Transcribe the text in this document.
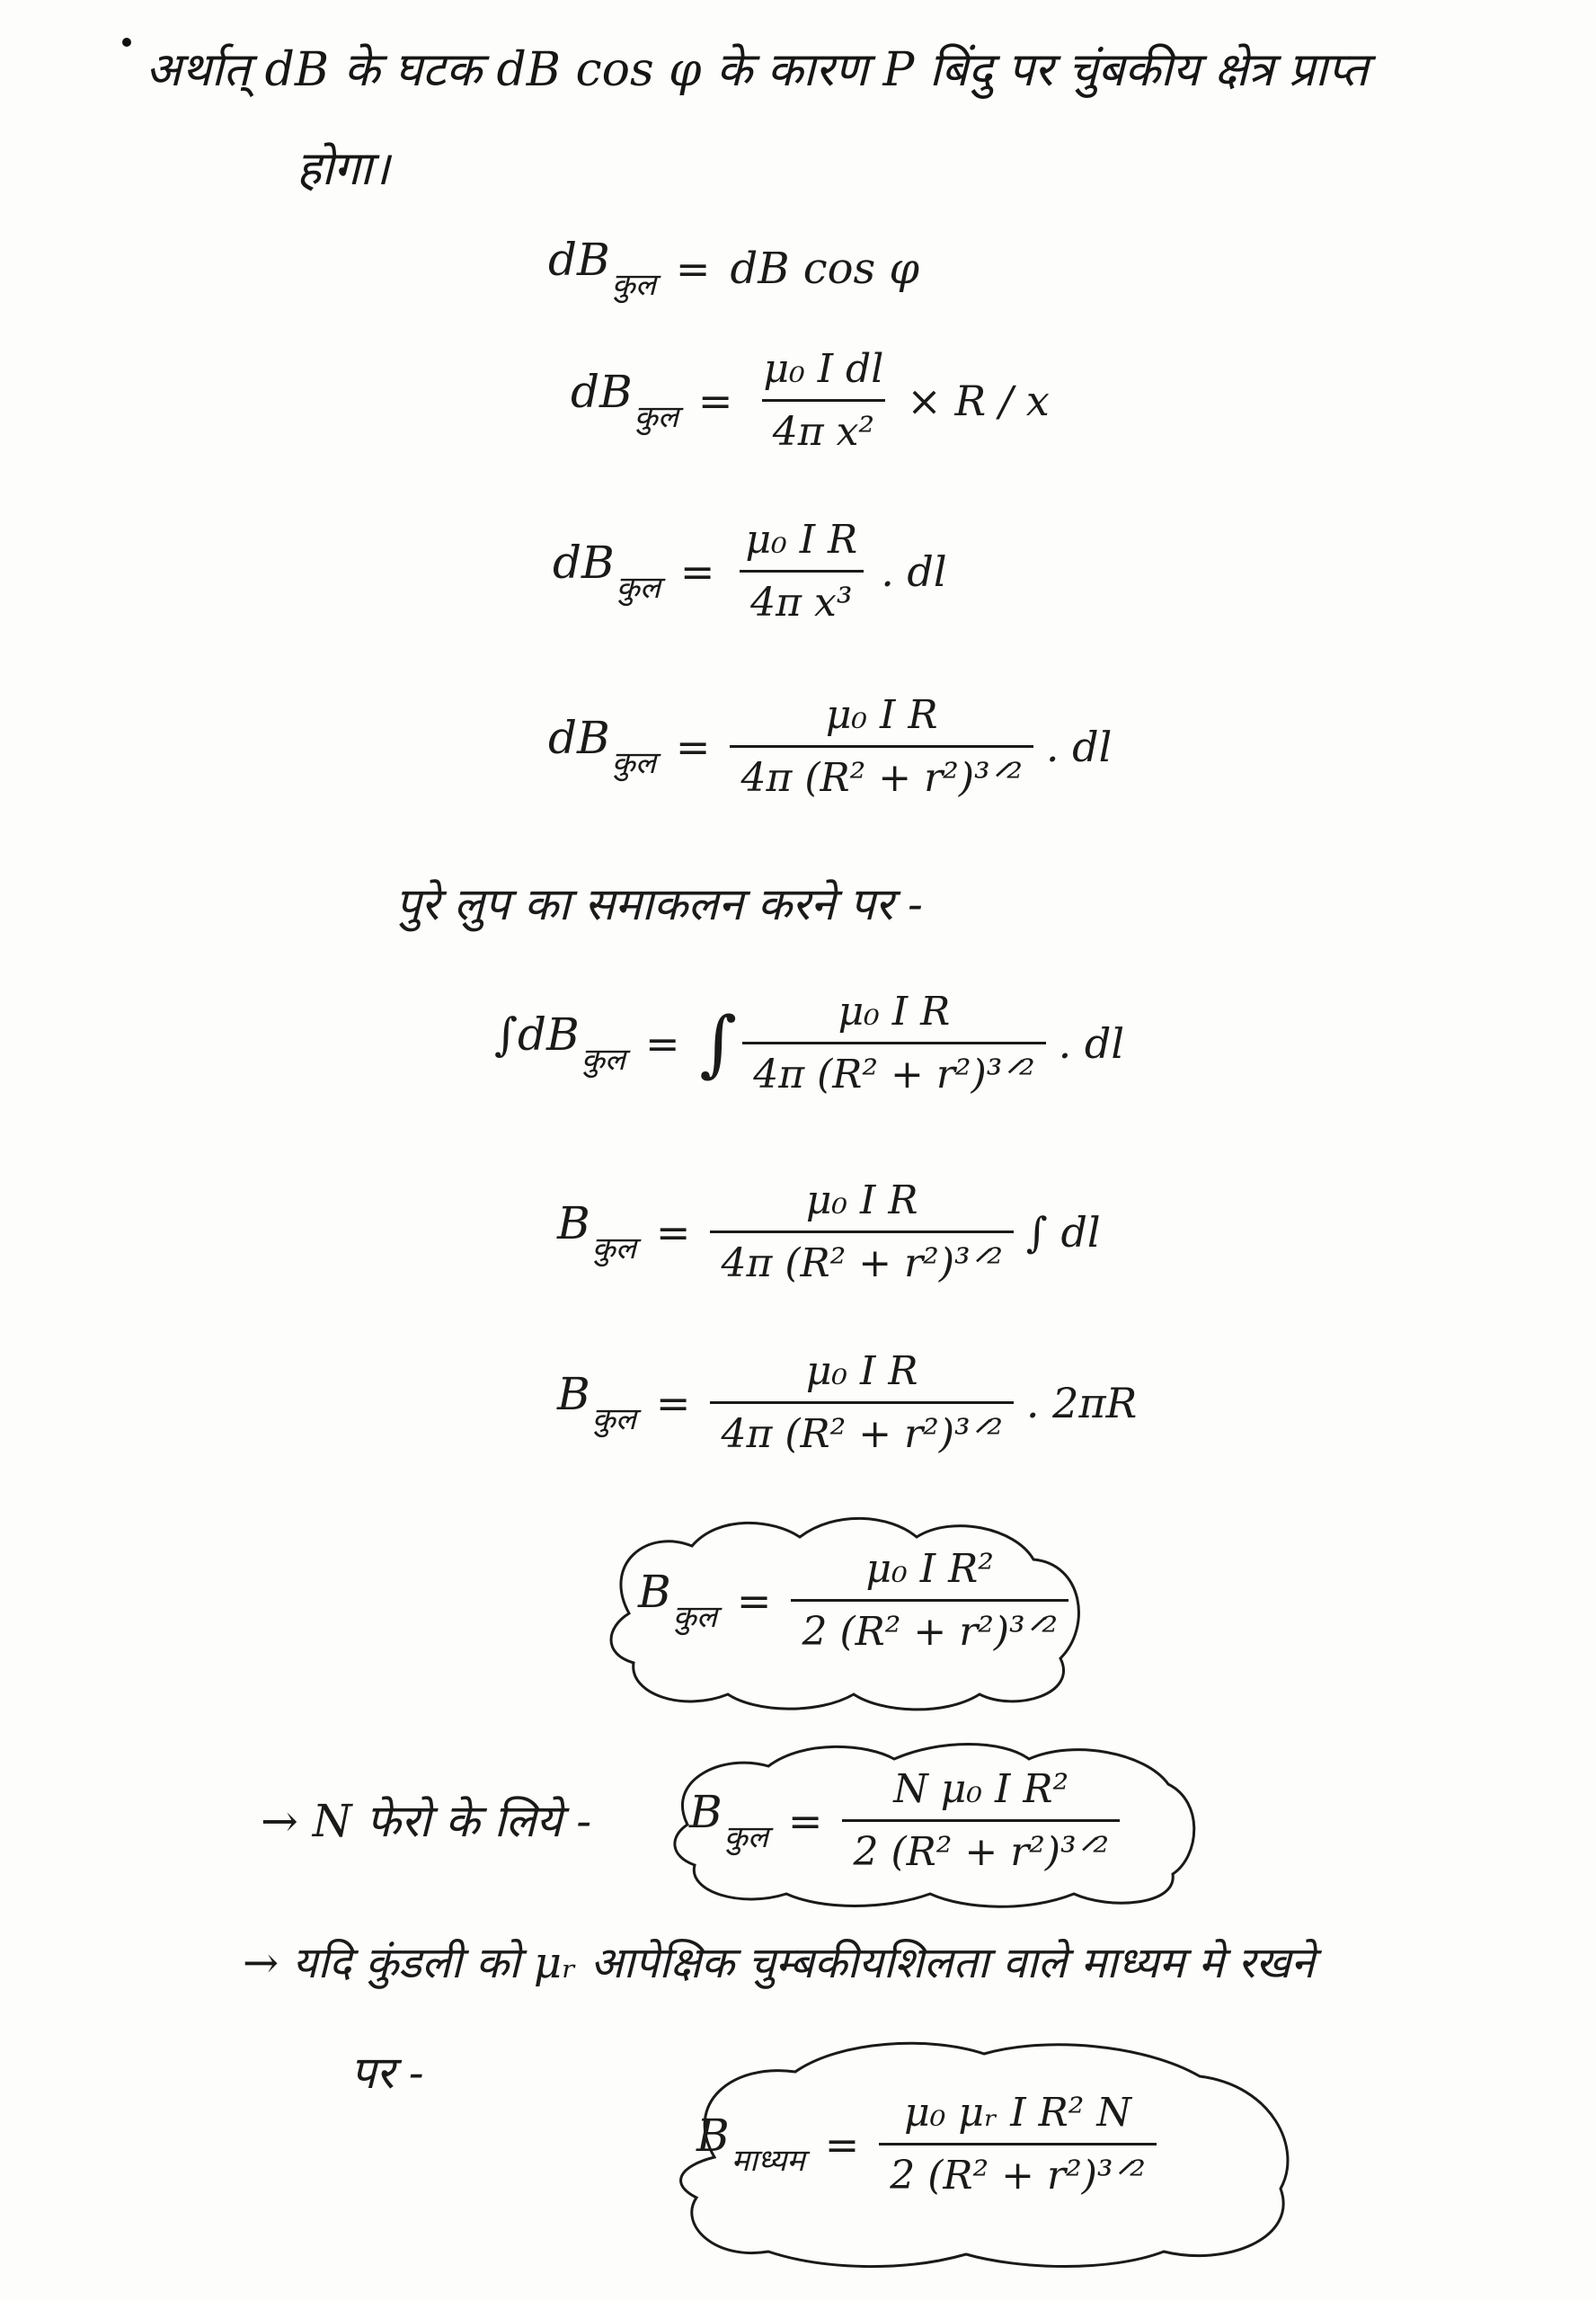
अर्थात् dB के घटक dB cos φ के कारण P बिंदु पर चुंबकीय क्षेत्र प्राप्त
होगा।
$dB_{कुल}$ = dB cos φ
$dB_{कुल} = \frac{\text{μ₀ I dl}}{\text{4π x²}} \times R / x$
$dB_{कुल} = \frac{\text{μ₀ I R}}{\text{4π x³}}$ . dl
$dB_{कुल} = \frac{\text{μ₀ I R}}{\text{4π (R² + r²)³ᐟ²}}$ . dl
पुरे लुप का समाकलन करने पर -
$\int dB_{कुल}$ = ∫ $\frac{\text{μ₀ I R}}{\text{4π (R² + r²)³ᐟ²}}$ . dl
$B_{कुल} = \frac{\text{μ₀ I R}}{\text{4π (R² + r²)³ᐟ²}}$ ∫ dl
$B_{कुल} = \frac{\text{μ₀ I R}}{\text{4π (R² + r²)³ᐟ²}}$ . 2πR
$B_{कुल} = \frac{\text{μ₀ I R²}}{\text{2 (R² + r²)³ᐟ²}}$
→ N फेरो के लिये - $B_{कुल} = \frac{\text{N μ₀ I R²}}{\text{2 (R² + r²)³ᐟ²}}$
→ यदि कुंडली को μᵣ आपेक्षिक चुम्बकीयशिलता वाले माध्यम मे रखने
पर -
$B_{माध्यम} = \frac{\text{μ₀ μᵣ I R² N}}{\text{2 (R² + r²)³ᐟ²}}$
